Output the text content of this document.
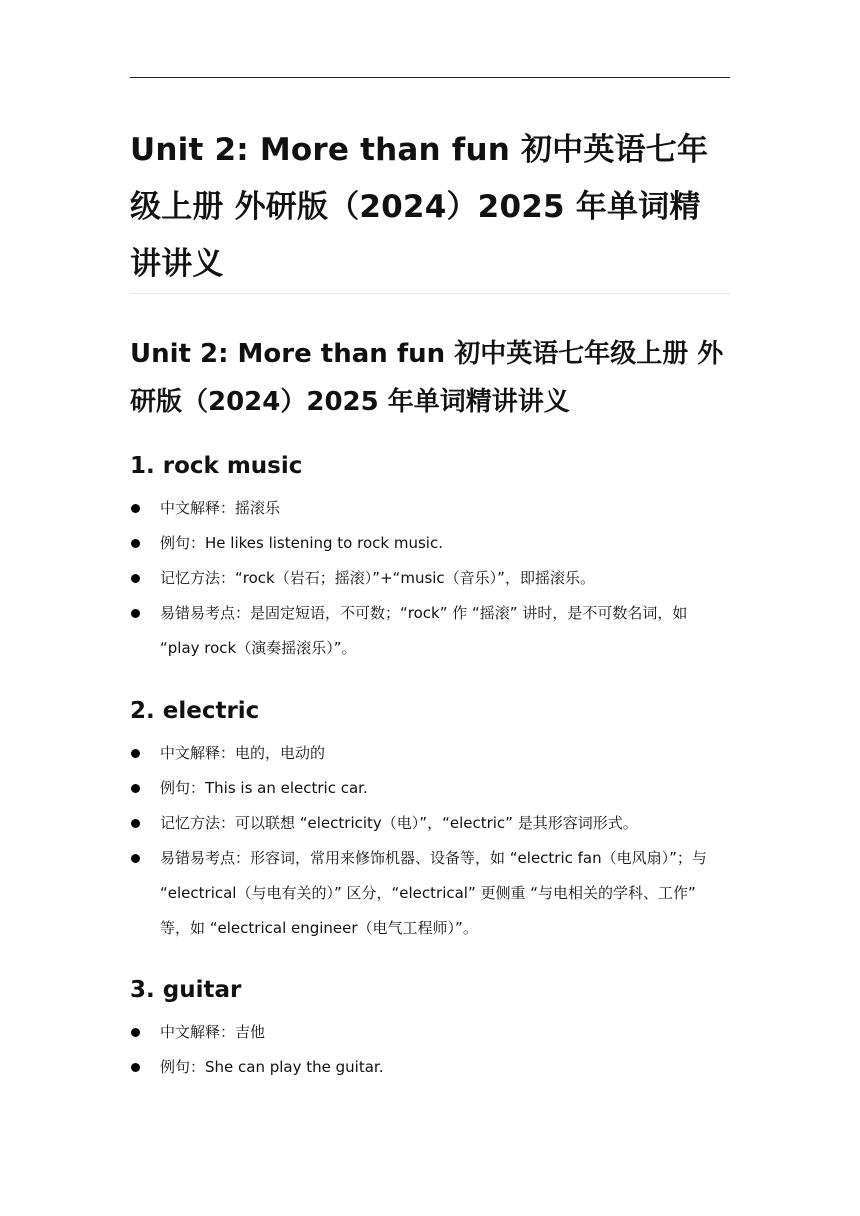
Unit 2: More than fun 初中英语七年级上册 外研版（2024）2025 年单词精讲讲义
Unit 2: More than fun 初中英语七年级上册 外研版（2024）2025 年单词精讲讲义
1. rock music
中文解释：摇滚乐
例句：He likes listening to rock music.
记忆方法：“rock（岩石；摇滚）”+“music（音乐）”，即摇滚乐。
易错易考点：是固定短语，不可数；“rock” 作 “摇滚” 讲时，是不可数名词，如 “play rock（演奏摇滚乐）”。
2. electric
中文解释：电的，电动的
例句：This is an electric car.
记忆方法：可以联想 “electricity（电）”，“electric” 是其形容词形式。
易错易考点：形容词，常用来修饰机器、设备等，如 “electric fan（电风扇）”；与 “electrical（与电有关的）” 区分，“electrical” 更侧重 “与电相关的学科、工作” 等，如 “electrical engineer（电气工程师）”。
3. guitar
中文解释：吉他
例句：She can play the guitar.
